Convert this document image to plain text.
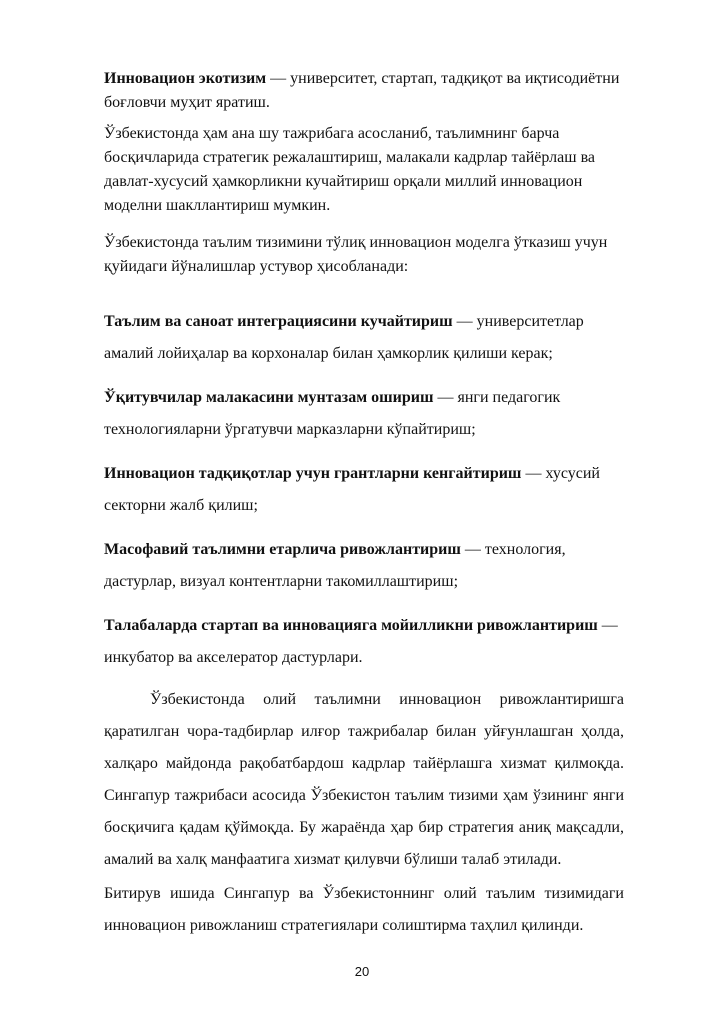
Инновацион экотизим — университет, стартап, тадқиқот ва иқтисодиётни боғловчи муҳит яратиш.

Ўзбекистонда ҳам ана шу тажрибага асосланиб, таълимнинг барча босқичларида стратегик режалаштириш, малакали кадрлар тайёрлаш ва давлат-хусусий ҳамкорликни кучайтириш орқали миллий инновацион моделни шакллантириш мумкин.

Ўзбекистонда таълим тизимини тўлиқ инновацион моделга ўтказиш учун қуйидаги йўналишлар устувор ҳисобланади:

Таълим ва саноат интеграциясини кучайтириш — университетлар амалий лойиҳалар ва корхоналар билан ҳамкорлик қилиши керак;

Ўқитувчилар малакасини мунтазам ошириш — янги педагогик технологияларни ўргатувчи марказларни кўпайтириш;

Инновацион тадқиқотлар учун грантларни кенгайтириш — хусусий секторни жалб қилиш;

Масофавий таълимни етарлича ривожлантириш — технология, дастурлар, визуал контентларни такомиллаштириш;

Талабаларда стартап ва инновацияга мойилликни ривожлантириш — инкубатор ва акселератор дастурлари.

Ўзбекистонда олий таълимни инновацион ривожлантиришга қаратилган чора-тадбирлар илғор тажрибалар билан уйғунлашган ҳолда, халқаро майдонда рақобатбардош кадрлар тайёрлашга хизмат қилмоқда. Сингапур тажрибаси асосида Ўзбекистон таълим тизими ҳам ўзининг янги босқичига қадам қўймоқда. Бу жараёнда ҳар бир стратегия аниқ мақсадли, амалий ва халқ манфаатига хизмат қилувчи бўлиши талаб этилади.

Битирув ишида Сингапур ва Ўзбекистоннинг олий таълим тизимидаги инновацион ривожланиш стратегиялари солиштирма таҳлил қилинди.

20
